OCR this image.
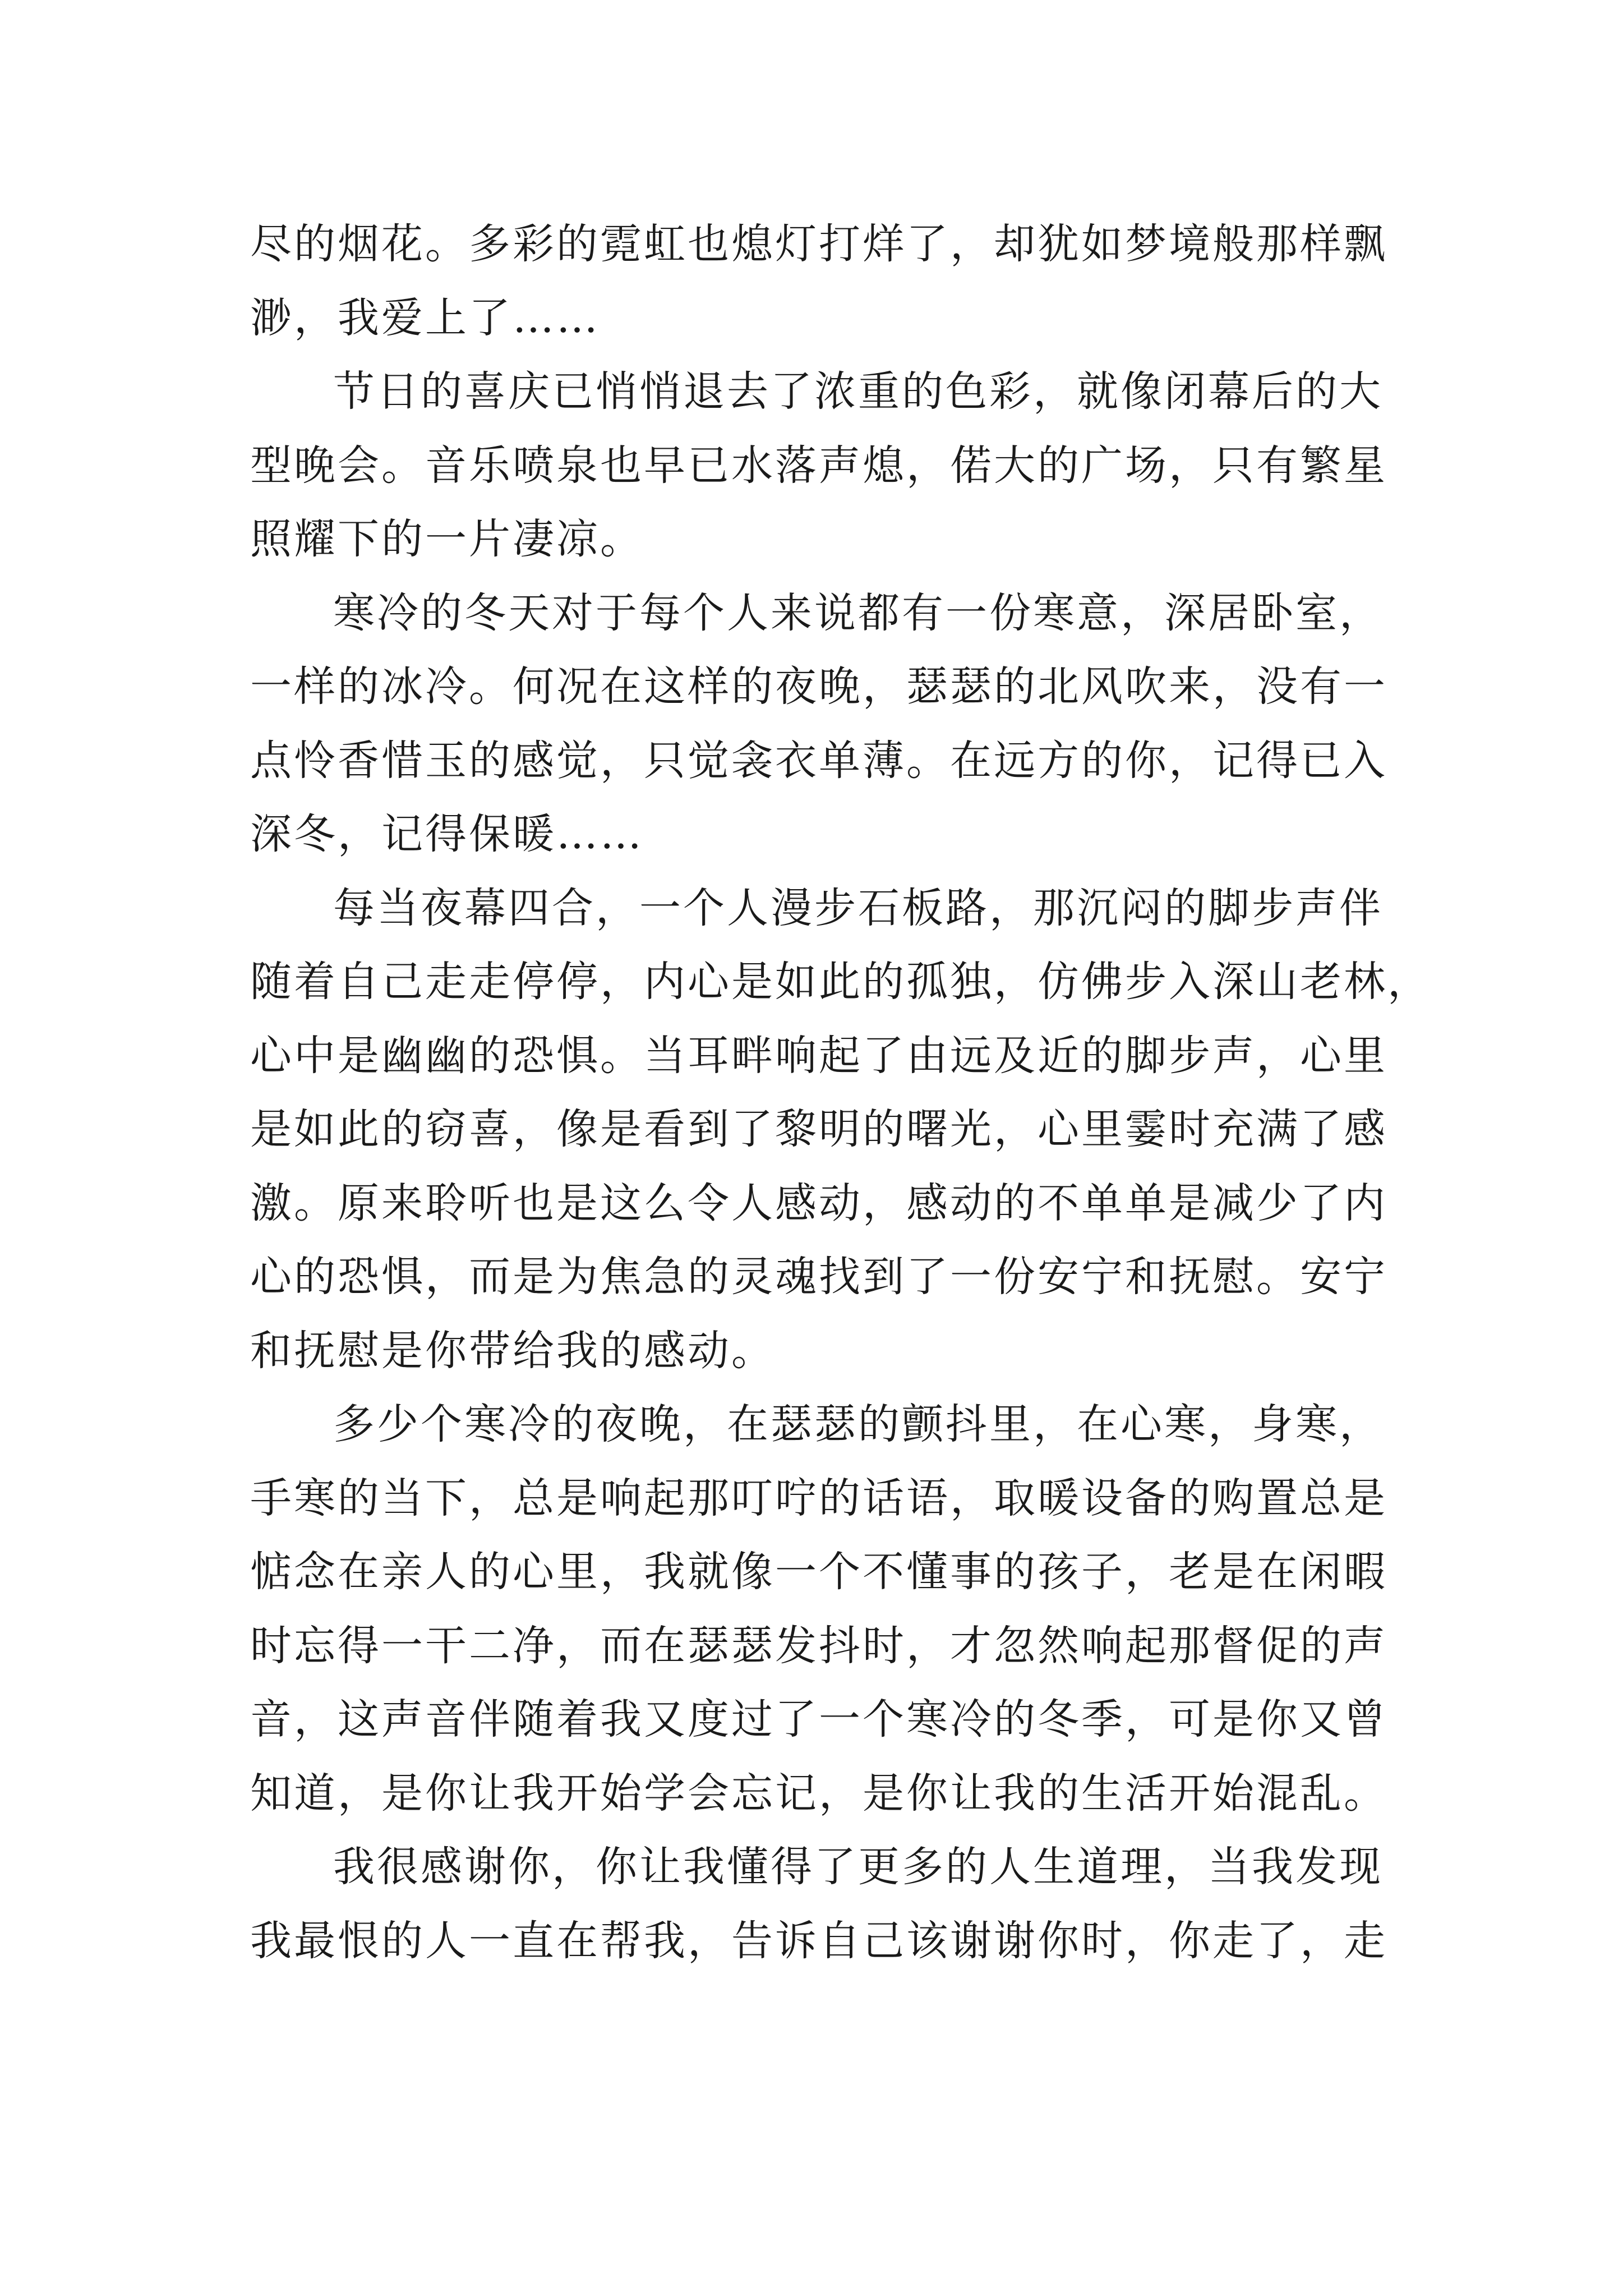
尽的烟花。多彩的霓虹也熄灯打烊了，却犹如梦境般那样飘
渺，我爱上了……
节日的喜庆已悄悄退去了浓重的色彩，就像闭幕后的大
型晚会。音乐喷泉也早已水落声熄，偌大的广场，只有繁星
照耀下的一片凄凉。
寒冷的冬天对于每个人来说都有一份寒意，深居卧室，
一样的冰冷。何况在这样的夜晚，瑟瑟的北风吹来，没有一
点怜香惜玉的感觉，只觉衾衣单薄。在远方的你，记得已入
深冬，记得保暖……
每当夜幕四合，一个人漫步石板路，那沉闷的脚步声伴
随着自己走走停停，内心是如此的孤独，仿佛步入深山老林，
心中是幽幽的恐惧。当耳畔响起了由远及近的脚步声，心里
是如此的窃喜，像是看到了黎明的曙光，心里霎时充满了感
激。原来聆听也是这么令人感动，感动的不单单是减少了内
心的恐惧，而是为焦急的灵魂找到了一份安宁和抚慰。安宁
和抚慰是你带给我的感动。
多少个寒冷的夜晚，在瑟瑟的颤抖里，在心寒，身寒，
手寒的当下，总是响起那叮咛的话语，取暖设备的购置总是
惦念在亲人的心里，我就像一个不懂事的孩子，老是在闲暇
时忘得一干二净，而在瑟瑟发抖时，才忽然响起那督促的声
音，这声音伴随着我又度过了一个寒冷的冬季，可是你又曾
知道，是你让我开始学会忘记，是你让我的生活开始混乱。
我很感谢你，你让我懂得了更多的人生道理，当我发现
我最恨的人一直在帮我，告诉自己该谢谢你时，你走了，走
